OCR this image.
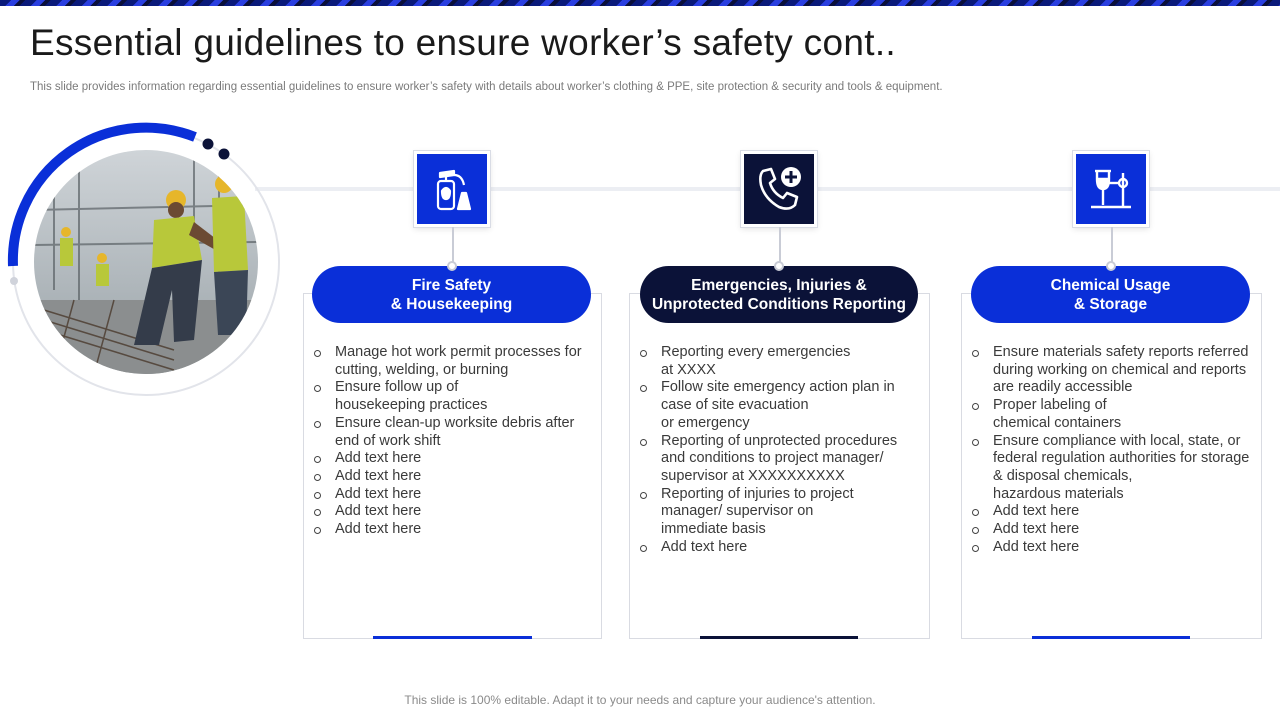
Essential guidelines to ensure worker’s safety cont..

This slide provides information regarding essential guidelines to ensure worker’s safety with details about worker’s clothing & PPE, site protection & security and tools & equipment.

Fire Safety
& Housekeeping
Manage hot work permit processes for
cutting, welding, or burning
Ensure follow up of
housekeeping practices
Ensure clean-up worksite debris after
end of work shift
Add text here
Add text here
Add text here
Add text here
Add text here
Emergencies, Injuries &
Unprotected Conditions Reporting
Reporting every emergencies
at XXXX
Follow site emergency action plan in
case of site evacuation
or emergency
Reporting of unprotected procedures
and conditions to project manager/
supervisor at XXXXXXXXXX
Reporting of injuries to project
manager/ supervisor on
immediate basis
Add text here
Chemical Usage
& Storage
Ensure materials safety reports referred
during working on chemical and reports
are readily accessible
Proper labeling of
chemical containers
Ensure compliance with local, state, or
federal regulation authorities for storage
& disposal chemicals,
hazardous materials
Add text here
Add text here
Add text here
This slide is 100% editable. Adapt it to your needs and capture your audience's attention.
